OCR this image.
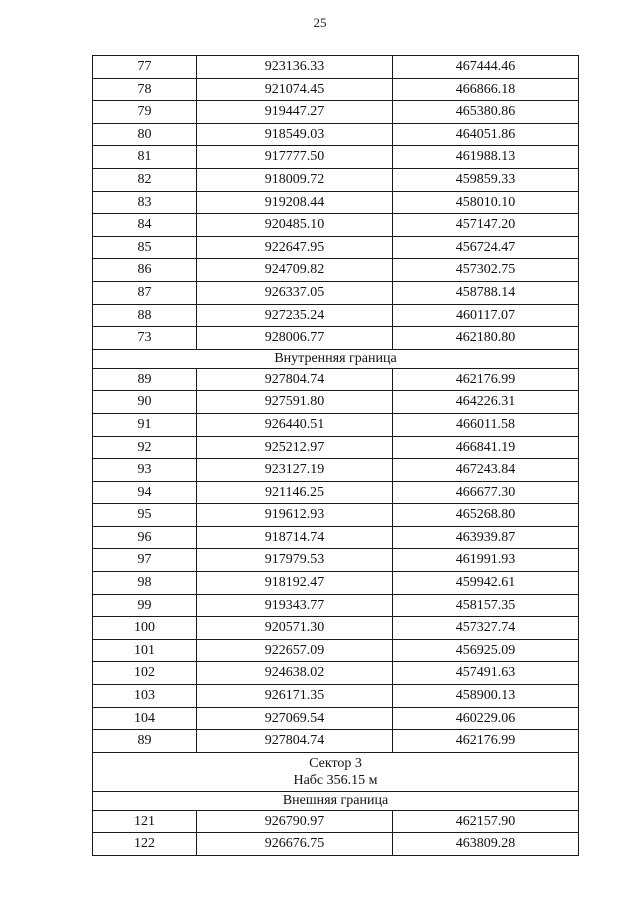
25
77	923136.33	467444.46
78	921074.45	466866.18
79	919447.27	465380.86
80	918549.03	464051.86
81	917777.50	461988.13
82	918009.72	459859.33
83	919208.44	458010.10
84	920485.10	457147.20
85	922647.95	456724.47
86	924709.82	457302.75
87	926337.05	458788.14
88	927235.24	460117.07
73	928006.77	462180.80
Внутренняя граница		
89	927804.74	462176.99
90	927591.80	464226.31
91	926440.51	466011.58
92	925212.97	466841.19
93	923127.19	467243.84
94	921146.25	466677.30
95	919612.93	465268.80
96	918714.74	463939.87
97	917979.53	461991.93
98	918192.47	459942.61
99	919343.77	458157.35
100	920571.30	457327.74
101	922657.09	456925.09
102	924638.02	457491.63
103	926171.35	458900.13
104	927069.54	460229.06
89	927804.74	462176.99

Сектор 3
Набс 356.15 м		

Внешняя граница		
121	926790.97	462157.90
122	926676.75	463809.28
